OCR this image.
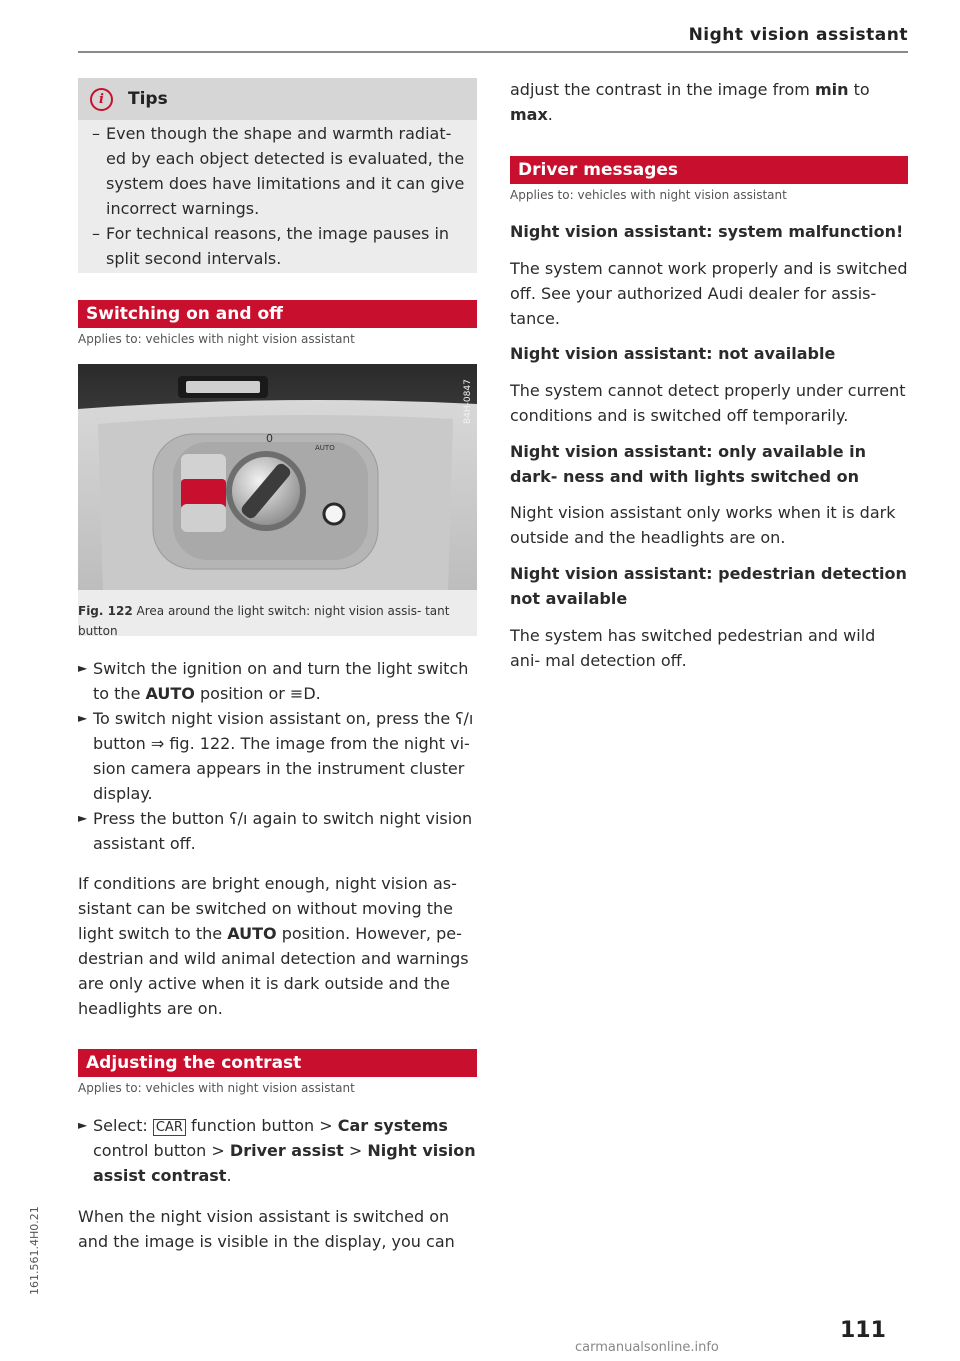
Night vision assistant
i	Tips
– Even though the shape and warmth radiat- ed by each object detected is evaluated, the system does have limitations and it can give incorrect warnings.
– For technical reasons, the image pauses in split second intervals.
Switching on and off
Applies to: vehicles with night vision assistant
0
AUTO
B4H-0847
Fig. 122 Area around the light switch: night vision assis- tant button
► Switch the ignition on and turn the light switch to the AUTO position or ≡D.
► To switch night vision assistant on, press the ʕ∕ı button ⇒ fig. 122. The image from the night vi- sion camera appears in the instrument cluster display.
► Press the button ʕ∕ı again to switch night vision assistant off.
If conditions are bright enough, night vision as- sistant can be switched on without moving the light switch to the AUTO position. However, pe- destrian and wild animal detection and warnings are only active when it is dark outside and the headlights are on.
Adjusting the contrast
Applies to: vehicles with night vision assistant
► Select: CAR function button > Car systems control button > Driver assist > Night vision assist contrast.
When the night vision assistant is switched on and the image is visible in the display, you can
adjust the contrast in the image from min to max.
Driver messages
Applies to: vehicles with night vision assistant
Night vision assistant: system malfunction!
The system cannot work properly and is switched off. See your authorized Audi dealer for assis- tance.
Night vision assistant: not available
The system cannot detect properly under current conditions and is switched off temporarily.
Night vision assistant: only available in dark- ness and with lights switched on
Night vision assistant only works when it is dark outside and the headlights are on.
Night vision assistant: pedestrian detection not available
The system has switched pedestrian and wild ani- mal detection off.
111
161.561.4H0.21
carmanualsonline.info
